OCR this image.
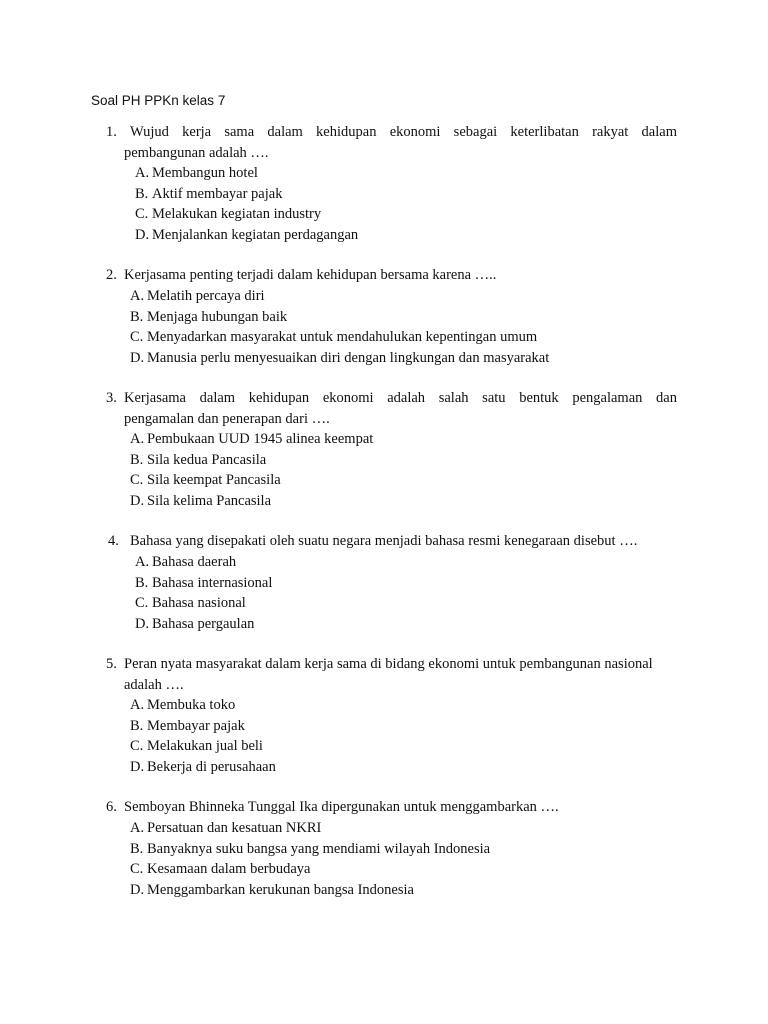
Soal PH PPKn kelas 7
1. Wujud kerja sama dalam kehidupan ekonomi sebagai keterlibatan rakyat dalam
pembangunan adalah ….
A. Membangun hotel
B. Aktif membayar pajak
C. Melakukan kegiatan industry
D. Menjalankan kegiatan perdagangan
2. Kerjasama penting terjadi dalam kehidupan bersama karena …..
A. Melatih percaya diri
B. Menjaga hubungan baik
C. Menyadarkan masyarakat untuk mendahulukan kepentingan umum
D. Manusia perlu menyesuaikan diri dengan lingkungan dan masyarakat
3. Kerjasama dalam kehidupan ekonomi adalah salah satu bentuk pengalaman dan
pengamalan dan penerapan dari ….
A. Pembukaan UUD 1945 alinea keempat
B. Sila kedua Pancasila
C. Sila keempat Pancasila
D. Sila kelima Pancasila
4. Bahasa yang disepakati oleh suatu negara menjadi bahasa resmi kenegaraan disebut ….
A. Bahasa daerah
B. Bahasa internasional
C. Bahasa nasional
D. Bahasa pergaulan
5. Peran nyata masyarakat dalam kerja sama di bidang ekonomi untuk pembangunan nasional
adalah ….
A. Membuka toko
B. Membayar pajak
C. Melakukan jual beli
D. Bekerja di perusahaan
6. Semboyan Bhinneka Tunggal Ika dipergunakan untuk menggambarkan ….
A. Persatuan dan kesatuan NKRI
B. Banyaknya suku bangsa yang mendiami wilayah Indonesia
C. Kesamaan dalam berbudaya
D. Menggambarkan kerukunan bangsa Indonesia
